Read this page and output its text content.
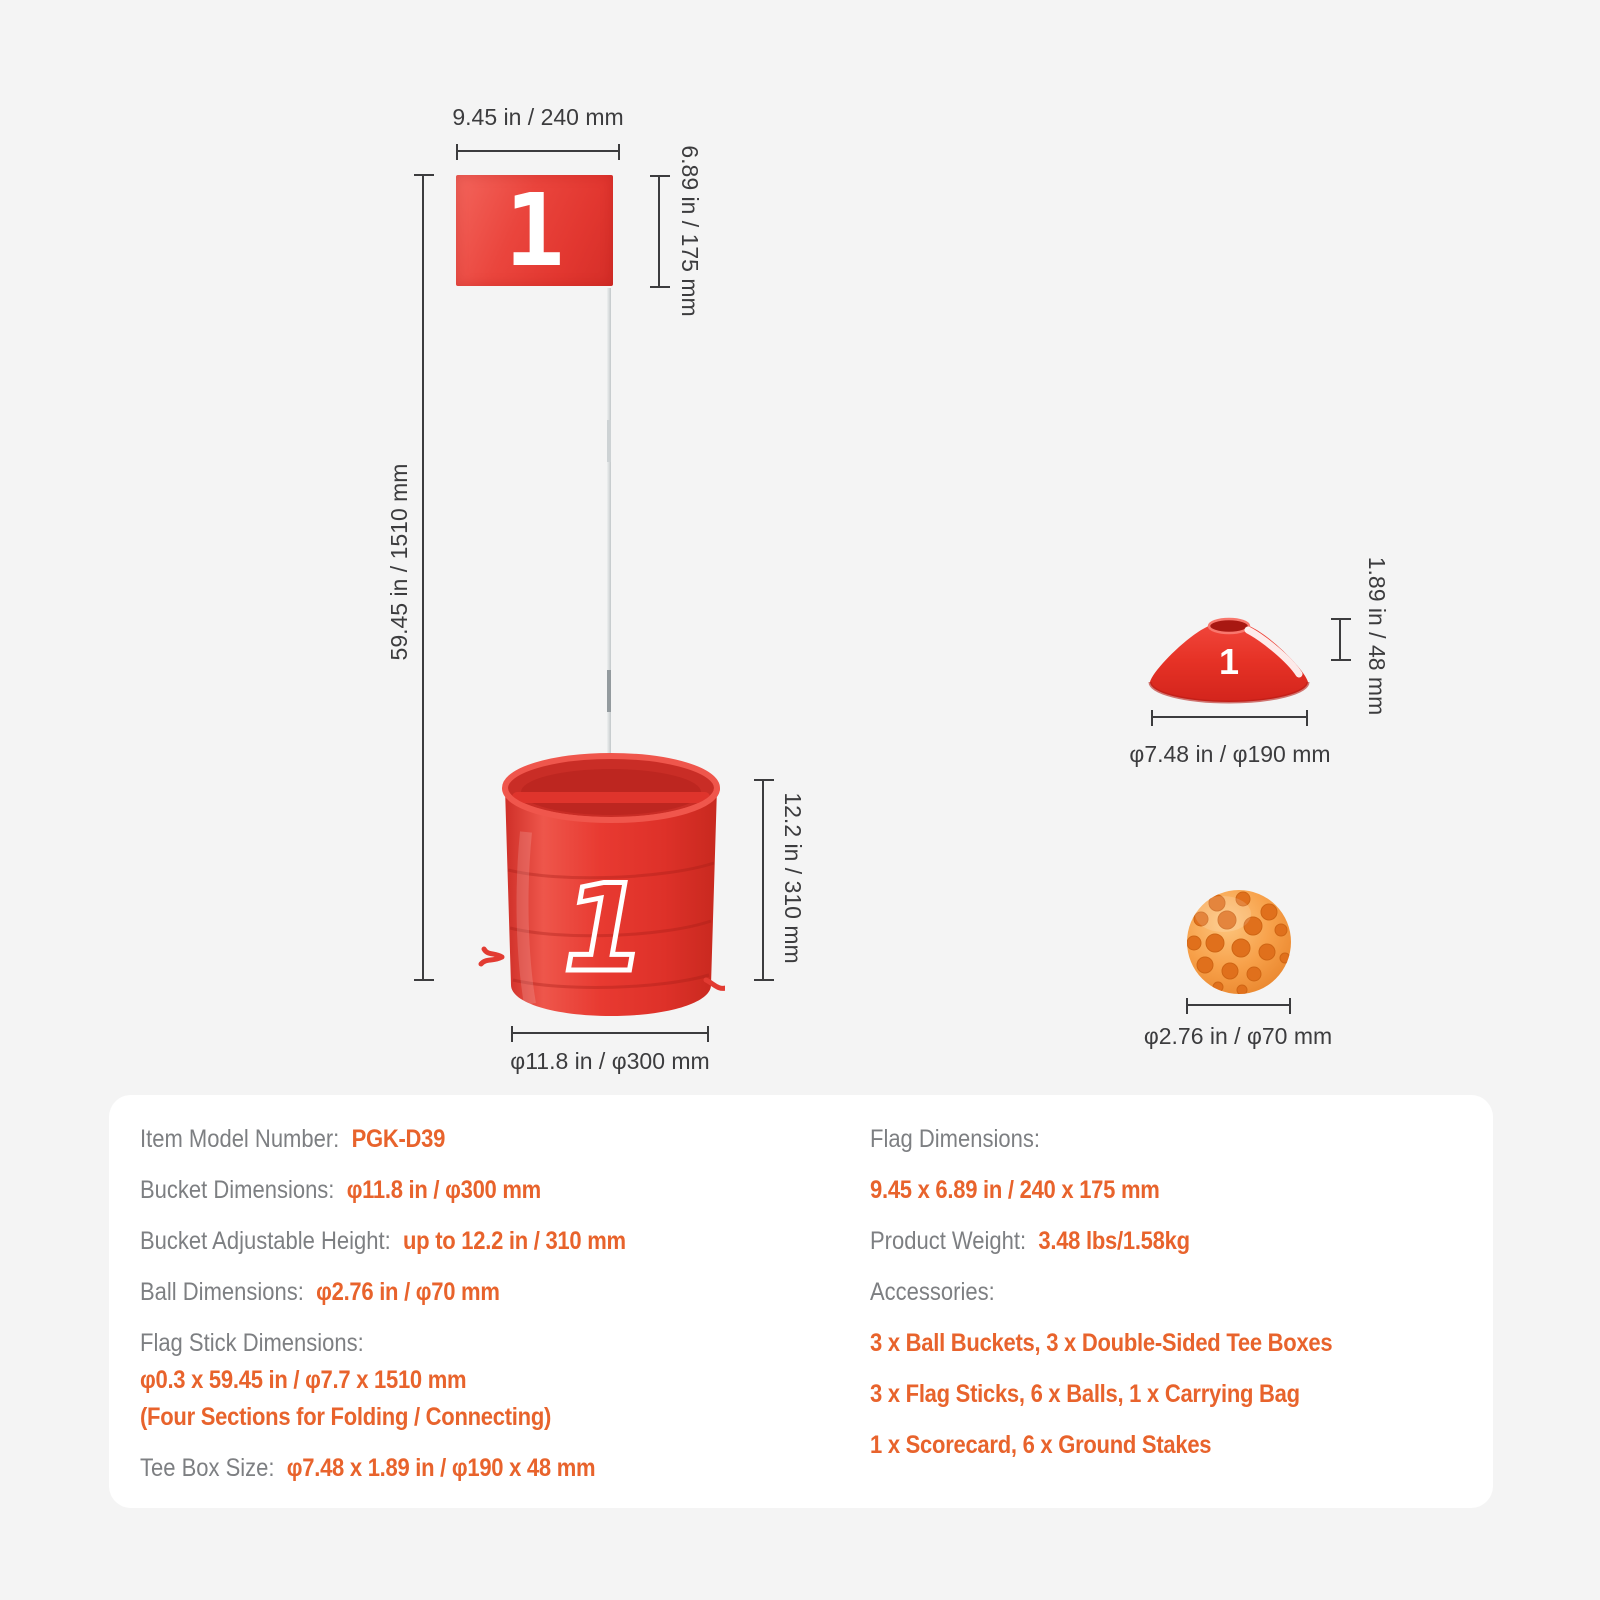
1
9.45 in / 240 mm
6.89 in / 175 mm
59.45 in / 1510 mm
1	12.2 in / 310 mm
φ11.8 in / φ300 mm
1	1.89 in / 48 mm
φ7.48 in / φ190 mm
φ2.76 in / φ70 mm
Item Model Number: PGK-D39
Bucket Dimensions: φ11.8 in / φ300 mm
Bucket Adjustable Height: up to 12.2 in / 310 mm
Ball Dimensions: φ2.76 in / φ70 mm
Flag Stick Dimensions:
φ0.3 x 59.45 in / φ7.7 x 1510 mm
(Four Sections for Folding / Connecting)
Tee Box Size: φ7.48 x 1.89 in / φ190 x 48 mm
Flag Dimensions:
9.45 x 6.89 in / 240 x 175 mm
Product Weight: 3.48 lbs/1.58kg
Accessories:
3 x Ball Buckets, 3 x Double-Sided Tee Boxes
3 x Flag Sticks, 6 x Balls, 1 x Carrying Bag
1 x Scorecard, 6 x Ground Stakes
